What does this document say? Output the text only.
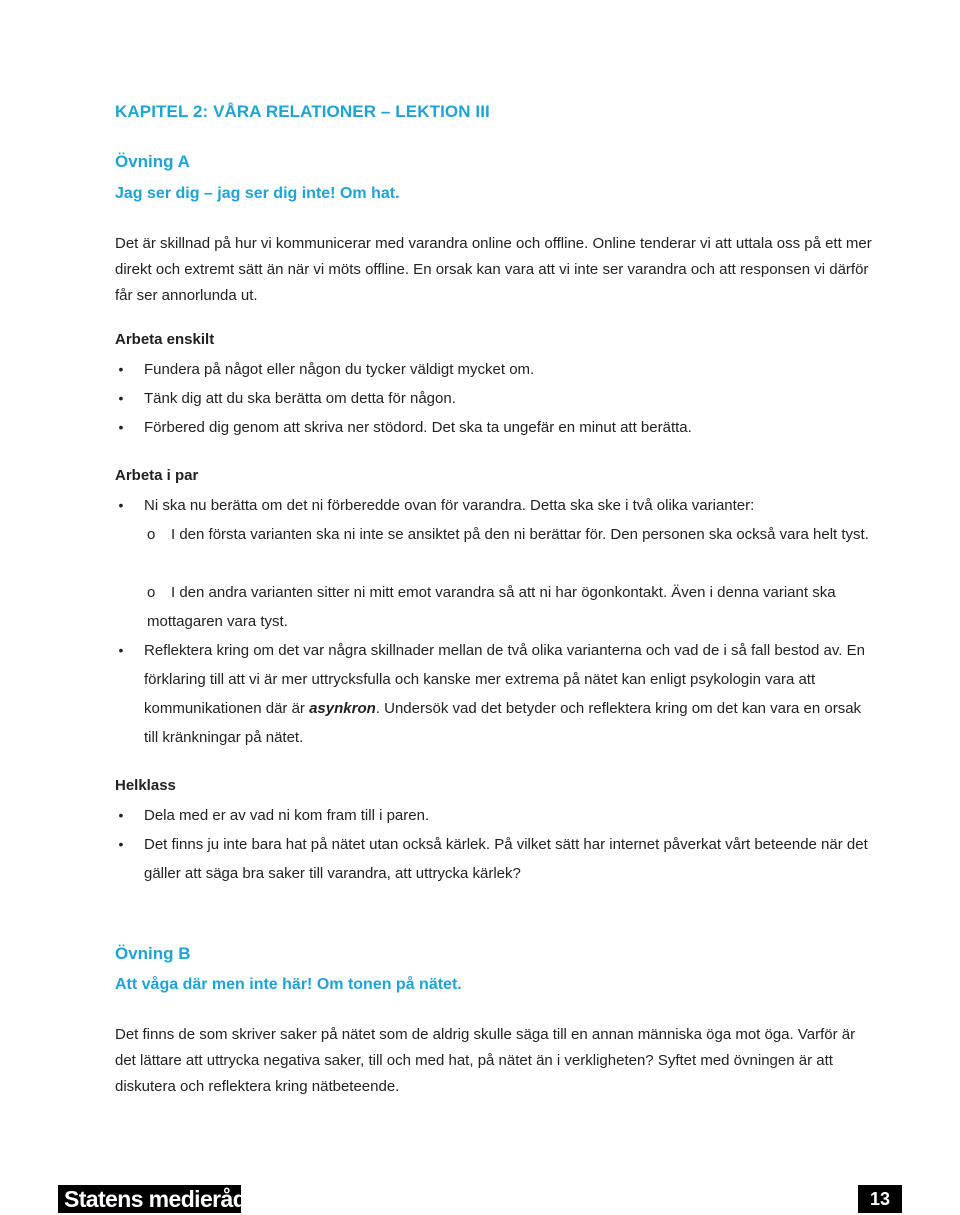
KAPITEL 2: VÅRA RELATIONER – LEKTION III
Övning A
Jag ser dig – jag ser dig inte! Om hat.
Det är skillnad på hur vi kommunicerar med varandra online och offline. Online tenderar vi att uttala oss på ett mer direkt och extremt sätt än när vi möts offline. En orsak kan vara att vi inte ser varandra och att responsen vi därför får ser annorlunda ut.
Arbeta enskilt
•	Fundera på något eller någon du tycker väldigt mycket om.
•	Tänk dig att du ska berätta om detta för någon.
•	Förbered dig genom att skriva ner stödord. Det ska ta ungefär en minut att berätta.
Arbeta i par
•	Ni ska nu berätta om det ni förberedde ovan för varandra. Detta ska ske i två olika varianter:
o	I den första varianten ska ni inte se ansiktet på den ni berättar för. Den personen ska också vara helt tyst.
o	I den andra varianten sitter ni mitt emot varandra så att ni har ögonkontakt. Även i denna variant ska mottagaren vara tyst.
•	Reflektera kring om det var några skillnader mellan de två olika varianterna och vad de i så fall bestod av. En förklaring till att vi är mer uttrycksfulla och kanske mer extrema på nätet kan enligt psykologin vara att kommunikationen där är asynkron. Undersök vad det betyder och reflektera kring om det kan vara en orsak till kränkningar på nätet.
Helklass
•	Dela med er av vad ni kom fram till i paren.
•	Det finns ju inte bara hat på nätet utan också kärlek. På vilket sätt har internet påverkat vårt beteende när det gäller att säga bra saker till varandra, att uttrycka kärlek?
Övning B
Att våga där men inte här! Om tonen på nätet.
Det finns de som skriver saker på nätet som de aldrig skulle säga till en annan människa öga mot öga. Varför är det lättare att uttrycka negativa saker, till och med hat, på nätet än i verkligheten? Syftet med övningen är att diskutera och reflektera kring nätbeteende.
Statens medieråd	13
